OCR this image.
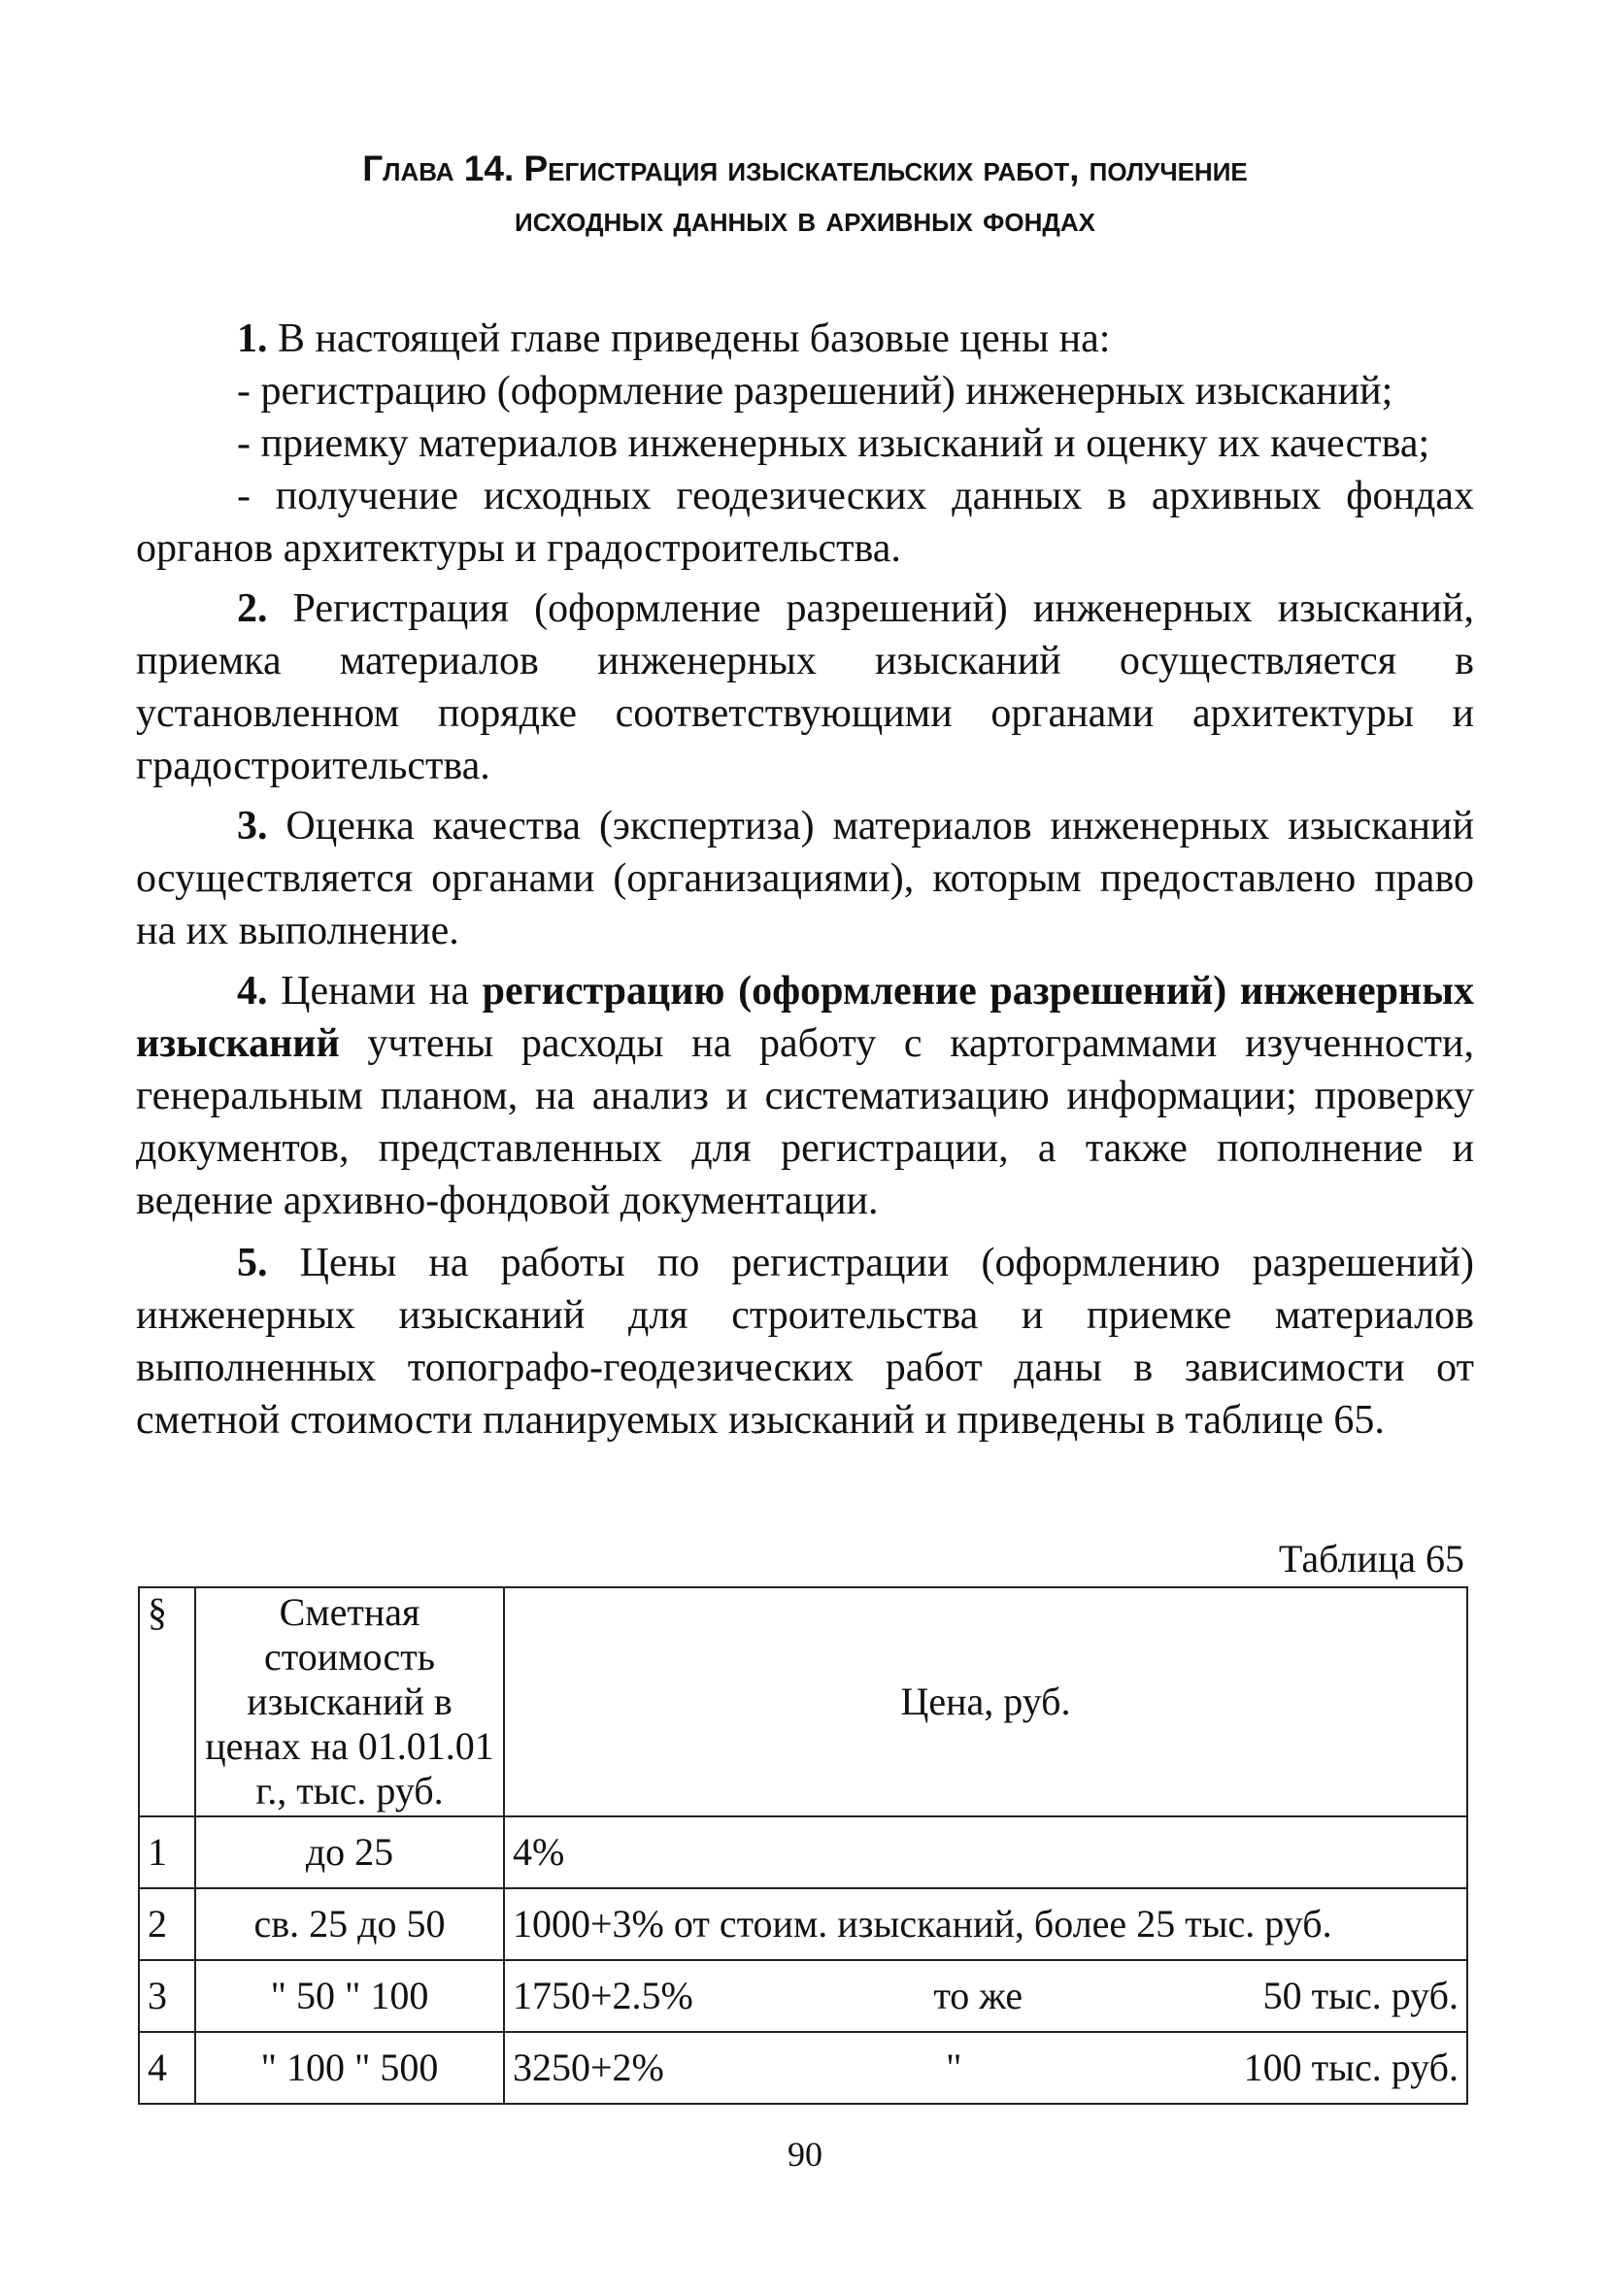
Глава 14. Регистрация изыскательских работ, получение
исходных данных в архивных фондах

1. В настоящей главе приведены базовые цены на:

- регистрацию (оформление разрешений) инженерных изысканий;

- приемку материалов инженерных изысканий и оценку их качества;

- получение исходных геодезических данных в архивных фондах органов архитектуры и градостроительства.

2. Регистрация (оформление разрешений) инженерных изысканий, приемка материалов инженерных изысканий осуществляется в установленном порядке соответствующими органами архитектуры и градостроительства.

3. Оценка качества (экспертиза) материалов инженерных изысканий осуществляется органами (организациями), которым предоставлено право на их выполнение.

4. Ценами на регистрацию (оформление разрешений) инженерных изысканий учтены расходы на работу с картограммами изученности, генеральным планом, на анализ и систематизацию информации; проверку документов, представленных для регистрации, а также пополнение и ведение архивно-фондовой документации.

5. Цены на работы по регистрации (оформлению разрешений) инженерных изысканий для строительства и приемке материалов выполненных топографо-геодезических работ даны в зависимости от сметной стоимости планируемых изысканий и приведены в таблице 65.

Таблица 65
§	Сметная стоимость изысканий в ценах на 01.01.01 г., тыс. руб.	Цена, руб.
1	до 25	4%
2	св. 25 до 50	1000+3% от стоим. изысканий, более 25 тыс. руб.
3	" 50 " 100	1750+2.5% то же 50 тыс. руб.

4	" 100 " 500	3250+2% " 100 тыс. руб.
90
